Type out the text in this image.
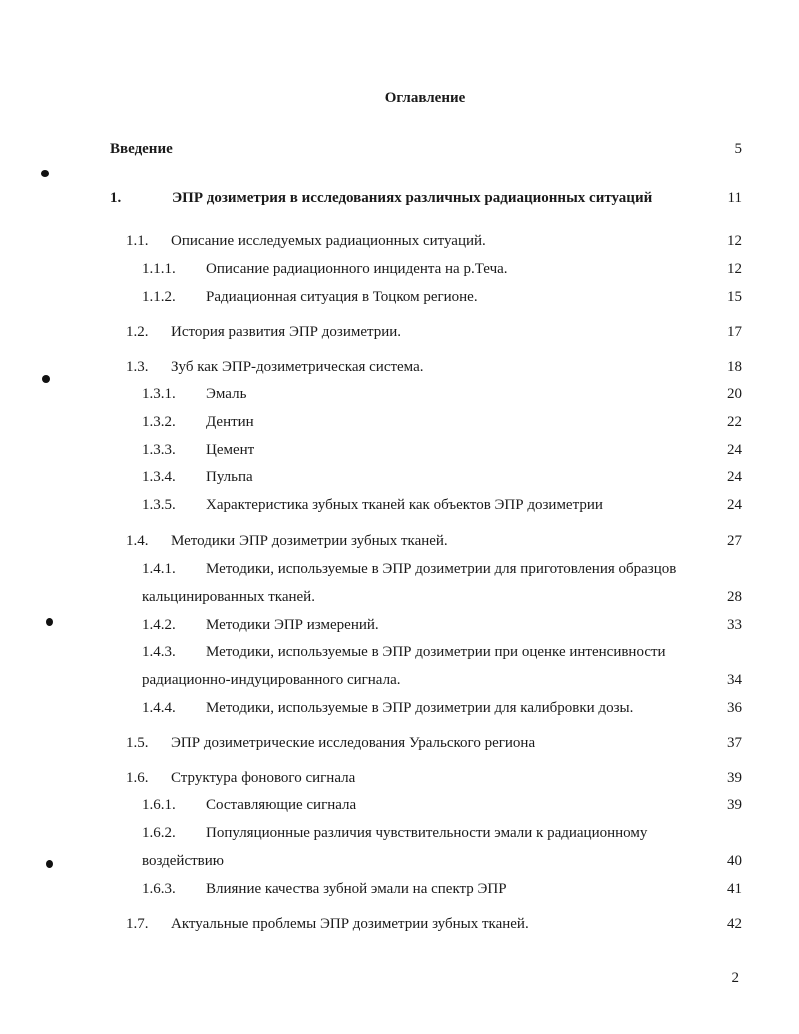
Оглавление
Введение	5
1.	ЭПР дозиметрия в исследованиях различных радиационных ситуаций	11
1.1. Описание исследуемых радиационных ситуаций.	12
1.1.1. Описание радиационного инцидента на р.Теча.	12
1.1.2. Радиационная ситуация в Тоцком регионе.	15
1.2. История развития ЭПР дозиметрии.	17
1.3. Зуб как ЭПР-дозиметрическая система.	18
1.3.1. Эмаль	20
1.3.2. Дентин	22
1.3.3. Цемент	24
1.3.4. Пульпа	24
1.3.5. Характеристика зубных тканей как объектов ЭПР дозиметрии	24
1.4. Методики ЭПР дозиметрии зубных тканей.	27
1.4.1. Методики, используемые в ЭПР дозиметрии для приготовления образцов
кальцинированных тканей.	28
1.4.2. Методики ЭПР измерений.	33
1.4.3. Методики, используемые в ЭПР дозиметрии при оценке интенсивности
радиационно-индуцированного сигнала.	34
1.4.4. Методики, используемые в ЭПР дозиметрии для калибровки дозы.	36
1.5. ЭПР дозиметрические исследования Уральского региона	37
1.6. Структура фонового сигнала	39
1.6.1. Составляющие сигнала	39
1.6.2. Популяционные различия чувствительности эмали к радиационному
воздействию	40
1.6.3. Влияние качества зубной эмали на спектр ЭПР	41
1.7. Актуальные проблемы ЭПР дозиметрии зубных тканей.	42
2
